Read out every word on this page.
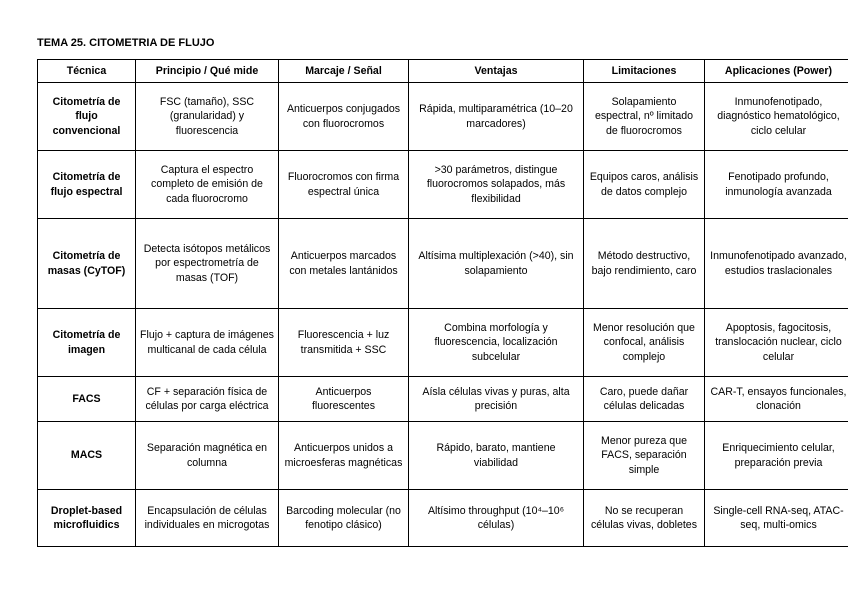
TEMA 25. CITOMETRIA DE FLUJO
Técnica	Principio / Qué mide	Marcaje / Señal	Ventajas	Limitaciones	Aplicaciones (Power)
Citometría de flujo convencional	FSC (tamaño), SSC (granularidad) y fluorescencia	Anticuerpos conjugados con fluorocromos	Rápida, multiparamétrica (10–20 marcadores)	Solapamiento espectral, nº limitado de fluorocromos	Inmunofenotipado, diagnóstico hematológico, ciclo celular
Citometría de flujo espectral	Captura el espectro completo de emisión de cada fluorocromo	Fluorocromos con firma espectral única	>30 parámetros, distingue fluorocromos solapados, más flexibilidad	Equipos caros, análisis de datos complejo	Fenotipado profundo, inmunología avanzada
Citometría de masas (CyTOF)	Detecta isótopos metálicos por espectrometría de masas (TOF)	Anticuerpos marcados con metales lantánidos	Altísima multiplexación (>40), sin solapamiento	Método destructivo, bajo rendimiento, caro	Inmunofenotipado avanzado, estudios traslacionales
Citometría de imagen	Flujo + captura de imágenes multicanal de cada célula	Fluorescencia + luz transmitida + SSC	Combina morfología y fluorescencia, localización subcelular	Menor resolución que confocal, análisis complejo	Apoptosis, fagocitosis, translocación nuclear, ciclo celular
FACS	CF + separación física de células por carga eléctrica	Anticuerpos fluorescentes	Aísla células vivas y puras, alta precisión	Caro, puede dañar células delicadas	CAR-T, ensayos funcionales, clonación
MACS	Separación magnética en columna	Anticuerpos unidos a microesferas magnéticas	Rápido, barato, mantiene viabilidad	Menor pureza que FACS, separación simple	Enriquecimiento celular, preparación previa
Droplet-based microfluidics	Encapsulación de células individuales en microgotas	Barcoding molecular (no fenotipo clásico)	Altísimo throughput (10⁴–10⁶ células)	No se recuperan células vivas, dobletes	Single-cell RNA-seq, ATAC-seq, multi-omics
